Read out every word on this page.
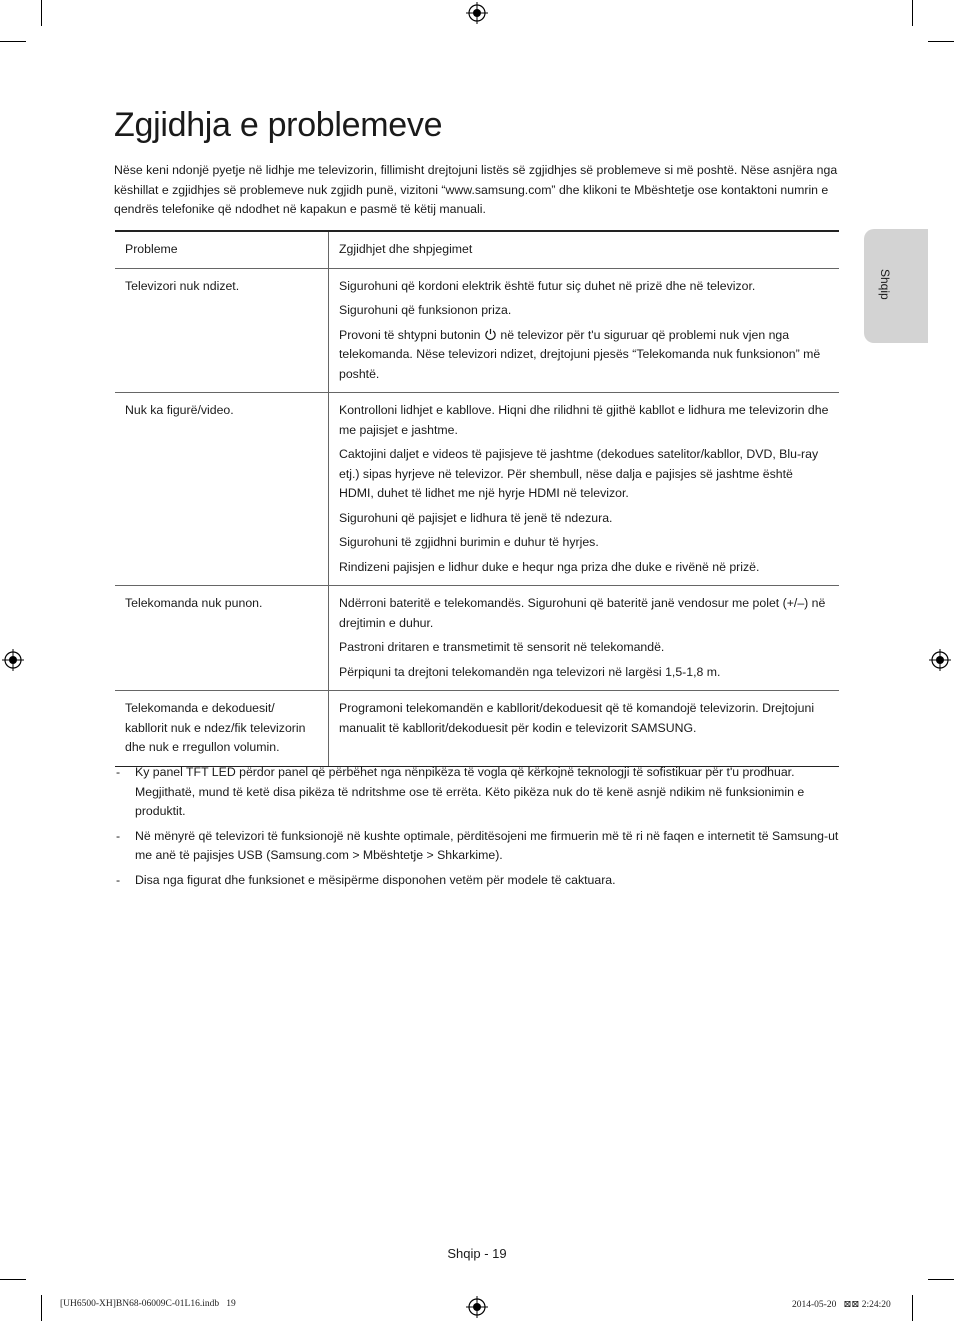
Zgjidhja e problemeve

Nëse keni ndonjë pyetje në lidhje me televizorin, fillimisht drejtojuni listës së zgjidhjes së problemeve si më poshtë. Nëse asnjëra nga këshillat e zgjidhjes së problemeve nuk zgjidh punë, vizitoni “www.samsung.com” dhe klikoni te Mbështetje ose kontaktoni numrin e qendrës telefonike që ndodhet në kapakun e pasmë të këtij manuali.

Shqip
Probleme	Zgjidhjet dhe shpjegimet
Televizori nuk ndizet.	Sigurohuni që kordoni elektrik është futur siç duhet në prizë dhe në televizor.

Sigurohuni që funksionon priza.

Provoni të shtypni butonin në televizor për t'u siguruar që problemi nuk vjen nga telekomanda. Nëse televizori ndizet, drejtojuni pjesës “Telekomanda nuk funksionon” më poshtë.

Nuk ka figurë/video.	Kontrolloni lidhjet e kabllove. Hiqni dhe rilidhni të gjithë kabllot e lidhura me televizorin dhe me pajisjet e jashtme.

Caktojini daljet e videos të pajisjeve të jashtme (dekodues satelitor/kabllor, DVD, Blu-ray etj.) sipas hyrjeve në televizor. Për shembull, nëse dalja e pajisjes së jashtme është HDMI, duhet të lidhet me një hyrje HDMI në televizor.

Sigurohuni që pajisjet e lidhura të jenë të ndezura.

Sigurohuni të zgjidhni burimin e duhur të hyrjes.

Rindizeni pajisjen e lidhur duke e hequr nga priza dhe duke e rivënë në prizë.

Telekomanda nuk punon.	Ndërroni bateritë e telekomandës. Sigurohuni që bateritë janë vendosur me polet (+/–) në drejtimin e duhur.

Pastroni dritaren e transmetimit të sensorit në telekomandë.

Përpiquni ta drejtoni telekomandën nga televizori në largësi 1,5-1,8 m.

Telekomanda e dekoduesit/ kabllorit nuk e ndez/fik televizorin dhe nuk e rregullon volumin.	Programoni telekomandën e kabllorit/dekoduesit që të komandojë televizorin. Drejtojuni manualit të kabllorit/dekoduesit për kodin e televizorit SAMSUNG.

- Ky panel TFT LED përdor panel që përbëhet nga nënpikëza të vogla që kërkojnë teknologji të sofistikuar për t'u prodhuar. Megjithatë, mund të ketë disa pikëza të ndritshme ose të errëta. Këto pikëza nuk do të kenë asnjë ndikim në funksionimin e produktit.
- Në mënyrë që televizori të funksionojë në kushte optimale, përditësojeni me firmuerin më të ri në faqen e internetit të Samsung-ut me anë të pajisjes USB (Samsung.com > Mbështetje > Shkarkime).
- Disa nga figurat dhe funksionet e mësipërme disponohen vetëm për modele të caktuara.
Shqip - 19
[UH6500-XH]BN68-06009C-01L16.indb   19	2014-05-20   ⊠⊠ 2:24:20
